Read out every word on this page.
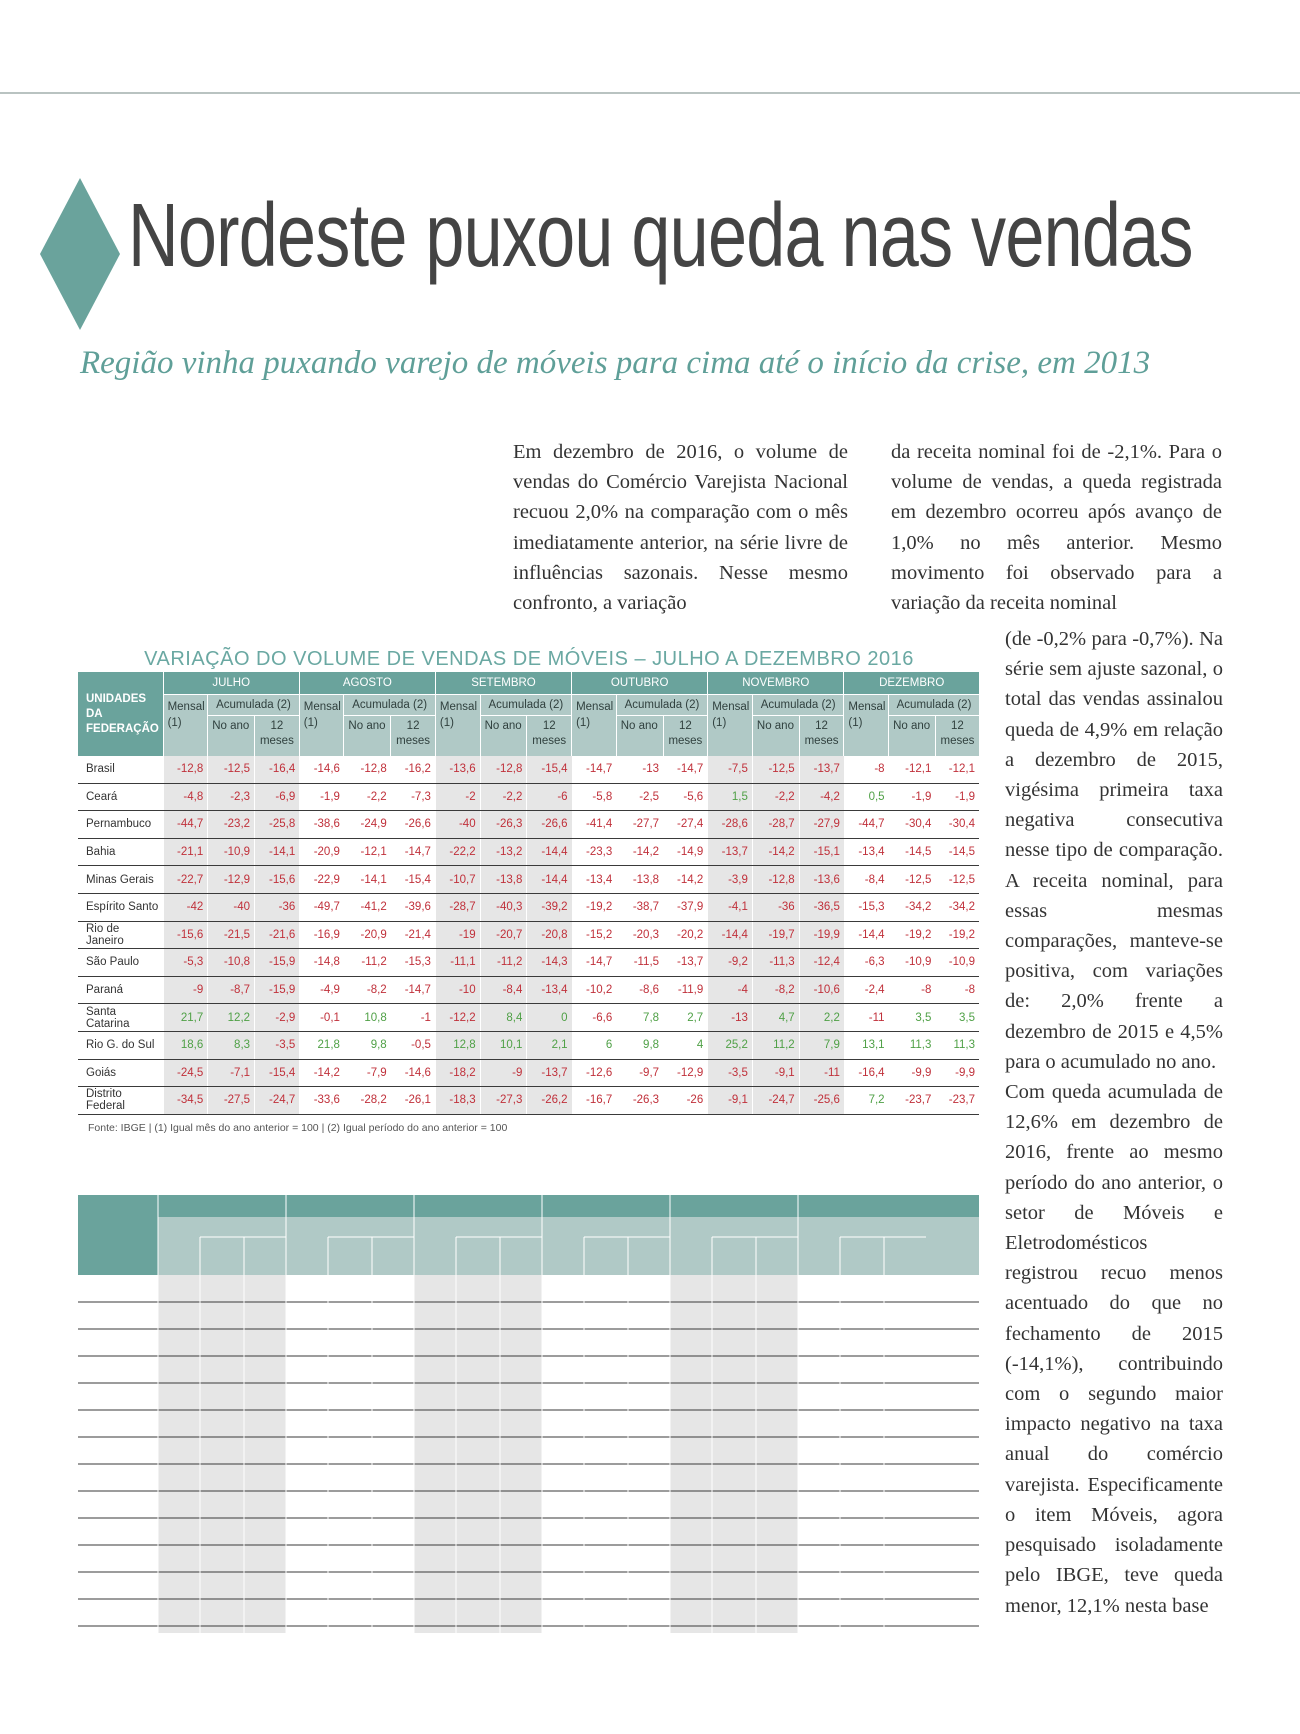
Nordeste puxou queda nas vendas
Região vinha puxando varejo de móveis para cima até o início da crise, em 2013

Em dezembro de 2016, o volume de vendas do Comércio Varejista Nacional recuou 2,0% na comparação com o mês imediatamente anterior, na série livre de influências sazonais. Nesse mesmo confronto, a variação

da receita nominal foi de -2,1%. Para o volume de vendas, a queda registrada em dezembro ocorreu após avanço de 1,0% no mês anterior. Mesmo movimento foi observado para a variação da receita nominal

(de -0,2% para -0,7%). Na série sem ajuste sazonal, o total das vendas assinalou queda de 4,9% em relação a dezembro de 2015, vigésima primeira taxa negativa consecutiva nesse tipo de comparação. A receita nominal, para essas mesmas comparações, manteve-se positiva, com variações de: 2,0% frente a dezembro de 2015 e 4,5% para o acumulado no ano.

Com queda acumulada de 12,6% em dezembro de 2016, frente ao mesmo período do ano anterior, o setor de Móveis e Eletrodomésticos registrou recuo menos acentuado do que no fechamento de 2015 (-14,1%), contribuindo com o segundo maior impacto negativo na taxa anual do comércio varejista. Especificamente o item Móveis, agora pesquisado isoladamente pelo IBGE, teve queda menor, 12,1% nesta base

VARIAÇÃO DO VOLUME DE VENDAS DE MÓVEIS – JULHO A DEZEMBRO 2016
UNIDADES DA FEDERAÇÃO	JULHO			AGOSTO			SETEMBRO			OUTUBRO			NOVEMBRO			DEZEMBRO		
	Mensal (1)	Acumulada (2)		Mensal (1)	Acumulada (2)		Mensal (1)	Acumulada (2)		Mensal (1)	Acumulada (2)		Mensal (1)	Acumulada (2)		Mensal (1)	Acumulada (2)	
		No ano	12 meses		No ano	12 meses		No ano	12 meses		No ano	12 meses		No ano	12 meses		No ano	12 meses
Brasil	-12,8	-12,5	-16,4	-14,6	-12,8	-16,2	-13,6	-12,8	-15,4	-14,7	-13	-14,7	-7,5	-12,5	-13,7	-8	-12,1	-12,1
Ceará	-4,8	-2,3	-6,9	-1,9	-2,2	-7,3	-2	-2,2	-6	-5,8	-2,5	-5,6	1,5	-2,2	-4,2	0,5	-1,9	-1,9
Pernambuco	-44,7	-23,2	-25,8	-38,6	-24,9	-26,6	-40	-26,3	-26,6	-41,4	-27,7	-27,4	-28,6	-28,7	-27,9	-44,7	-30,4	-30,4
Bahia	-21,1	-10,9	-14,1	-20,9	-12,1	-14,7	-22,2	-13,2	-14,4	-23,3	-14,2	-14,9	-13,7	-14,2	-15,1	-13,4	-14,5	-14,5
Minas Gerais	-22,7	-12,9	-15,6	-22,9	-14,1	-15,4	-10,7	-13,8	-14,4	-13,4	-13,8	-14,2	-3,9	-12,8	-13,6	-8,4	-12,5	-12,5
Espírito Santo	-42	-40	-36	-49,7	-41,2	-39,6	-28,7	-40,3	-39,2	-19,2	-38,7	-37,9	-4,1	-36	-36,5	-15,3	-34,2	-34,2
Rio de Janeiro	-15,6	-21,5	-21,6	-16,9	-20,9	-21,4	-19	-20,7	-20,8	-15,2	-20,3	-20,2	-14,4	-19,7	-19,9	-14,4	-19,2	-19,2
São Paulo	-5,3	-10,8	-15,9	-14,8	-11,2	-15,3	-11,1	-11,2	-14,3	-14,7	-11,5	-13,7	-9,2	-11,3	-12,4	-6,3	-10,9	-10,9
Paraná	-9	-8,7	-15,9	-4,9	-8,2	-14,7	-10	-8,4	-13,4	-10,2	-8,6	-11,9	-4	-8,2	-10,6	-2,4	-8	-8
Santa Catarina	21,7	12,2	-2,9	-0,1	10,8	-1	-12,2	8,4	0	-6,6	7,8	2,7	-13	4,7	2,2	-11	3,5	3,5
Rio G. do Sul	18,6	8,3	-3,5	21,8	9,8	-0,5	12,8	10,1	2,1	6	9,8	4	25,2	11,2	7,9	13,1	11,3	11,3
Goiás	-24,5	-7,1	-15,4	-14,2	-7,9	-14,6	-18,2	-9	-13,7	-12,6	-9,7	-12,9	-3,5	-9,1	-11	-16,4	-9,9	-9,9
Distrito Federal	-34,5	-27,5	-24,7	-33,6	-28,2	-26,1	-18,3	-27,3	-26,2	-16,7	-26,3	-26	-9,1	-24,7	-25,6	7,2	-23,7	-23,7
Fonte: IBGE | (1) Igual mês do ano anterior = 100 | (2) Igual período do ano anterior = 100
